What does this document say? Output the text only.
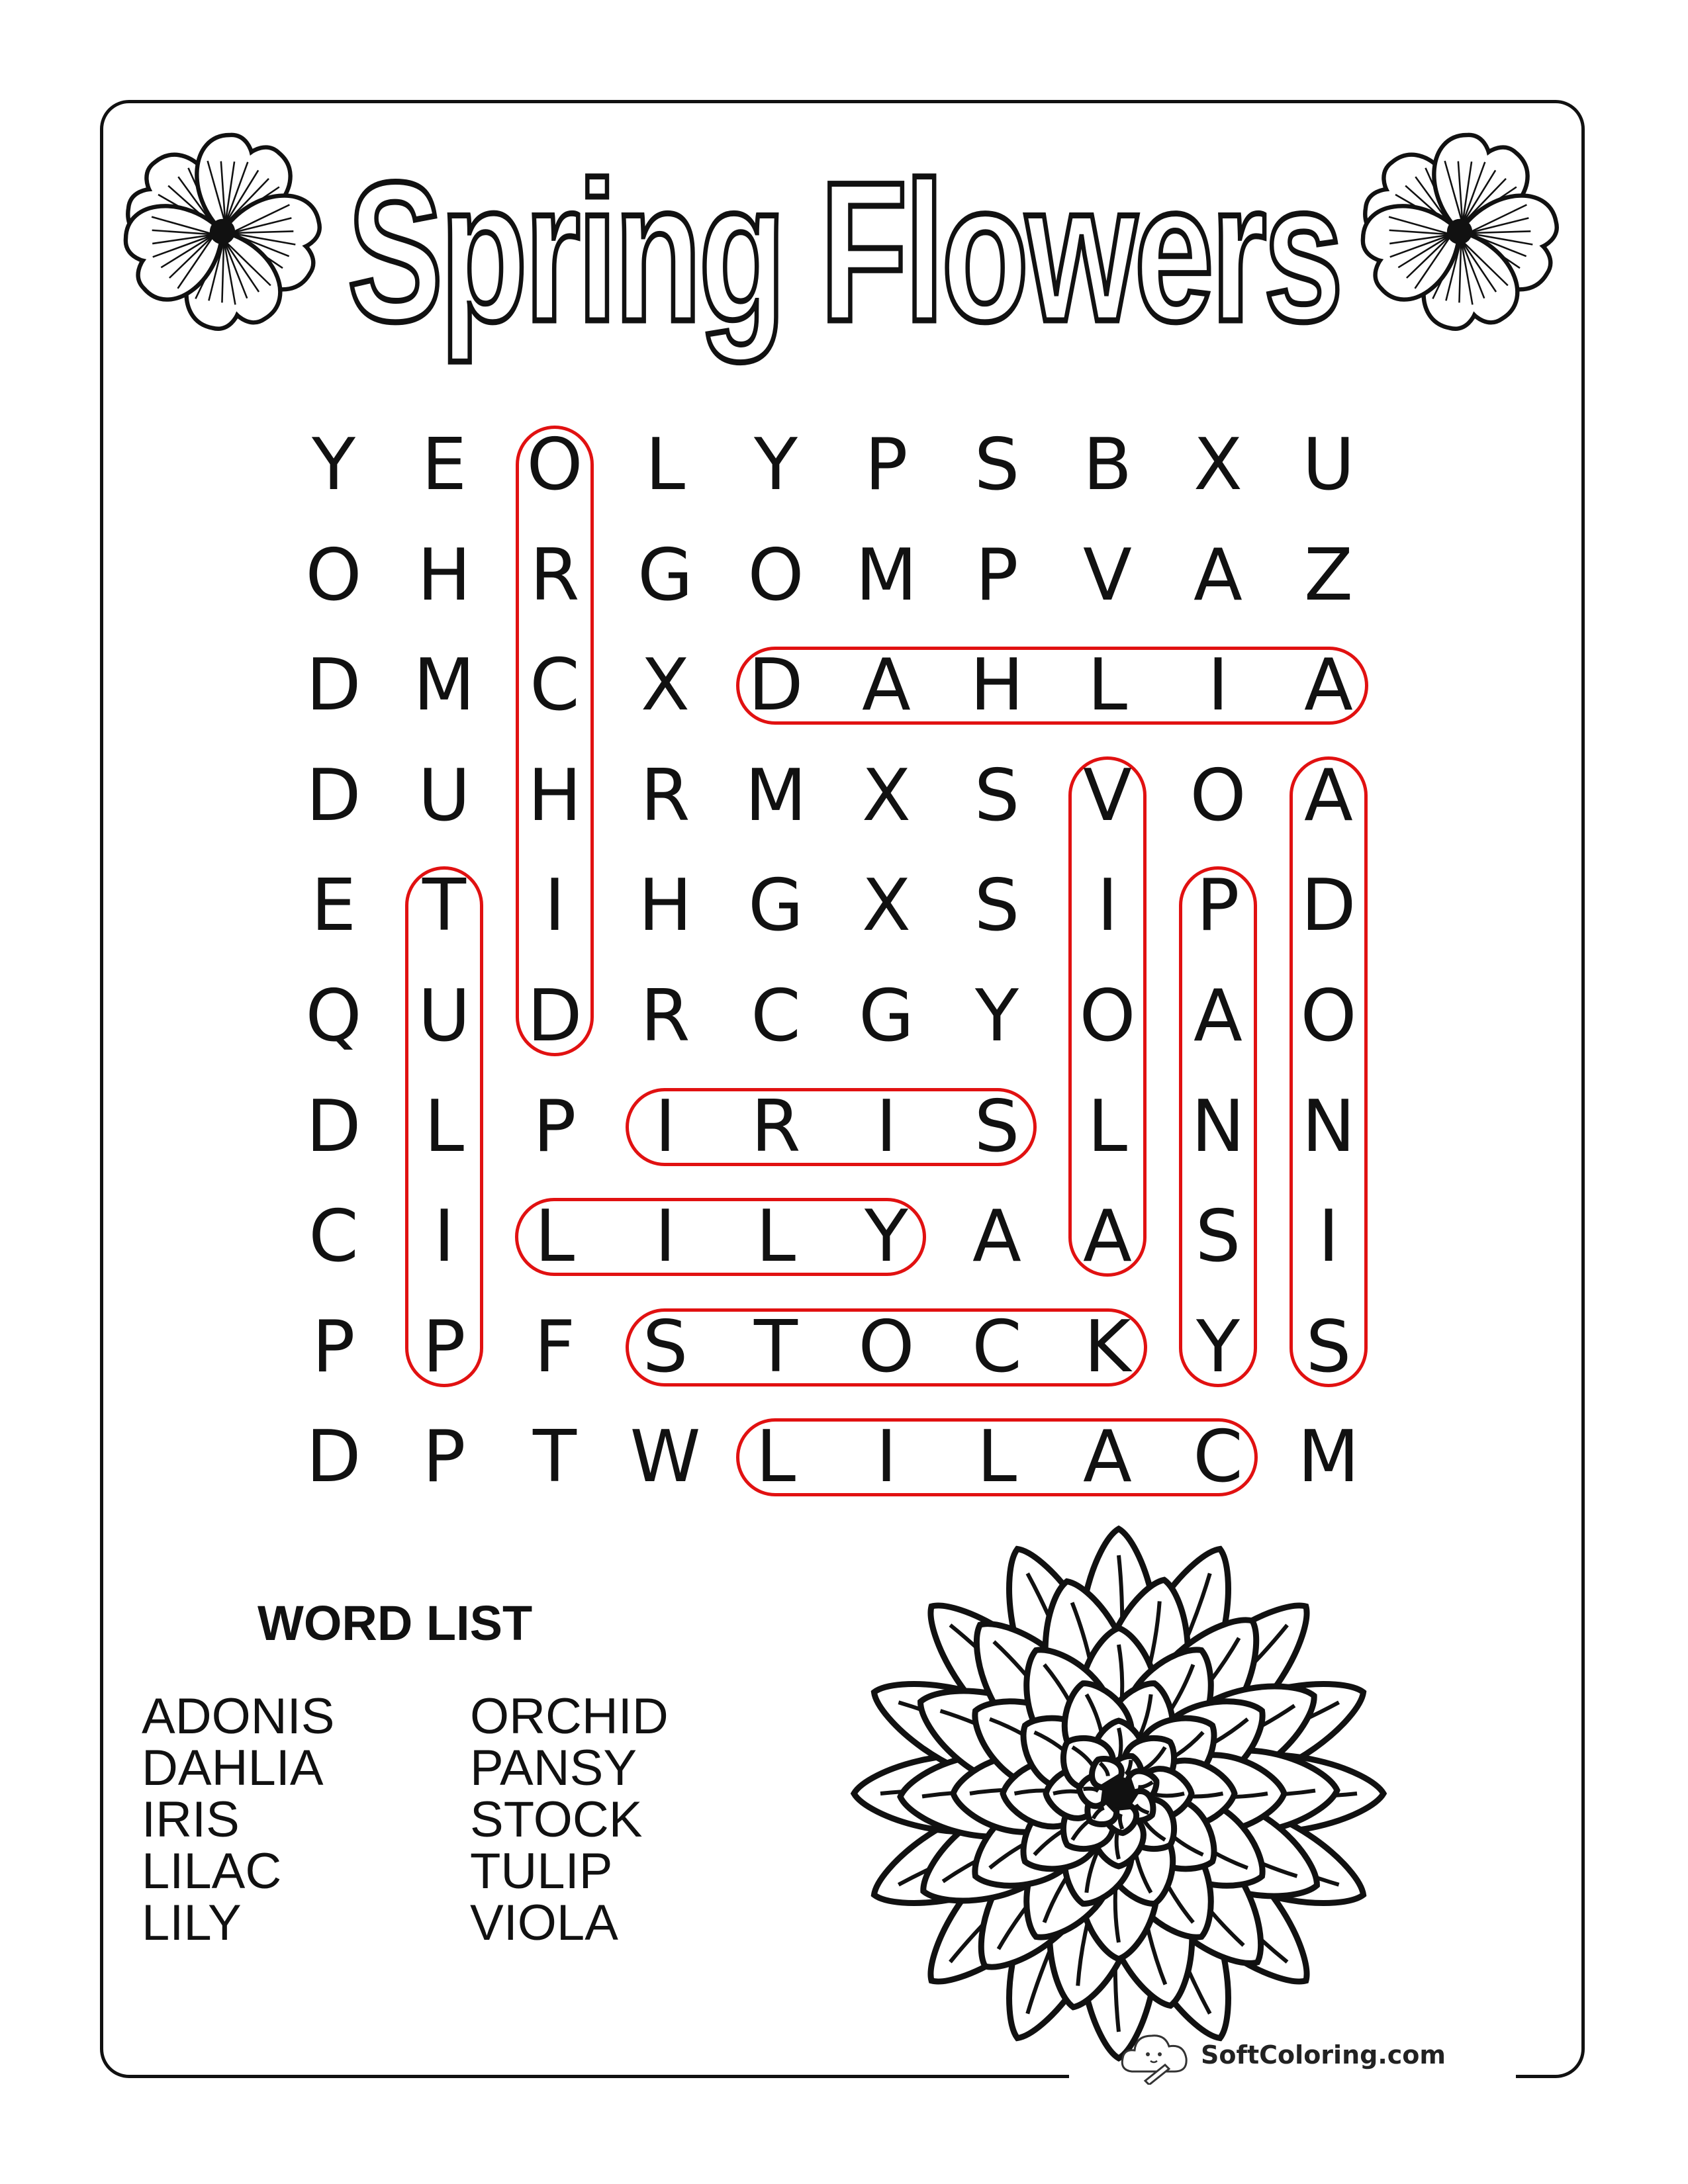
Spring Flowers
Y E O L Y P S B X U
O H R G O M P V A Z
D M C X D A H L	I	A
D U H R M X S V O A
E T	I	H G X S	I	P D
Q U D R C G Y O A O
D L P	I	R	I	S L N N
C	I	L	I	L Y A A S	I
P P F S T O C K Y S
D P T W L	I	L A C M
WORD LIST
ADONIS
DAHLIA
IRIS
LILAC
LILY
ORCHID
PANSY
STOCK
TULIP
VIOLA
SoftColoring.com
